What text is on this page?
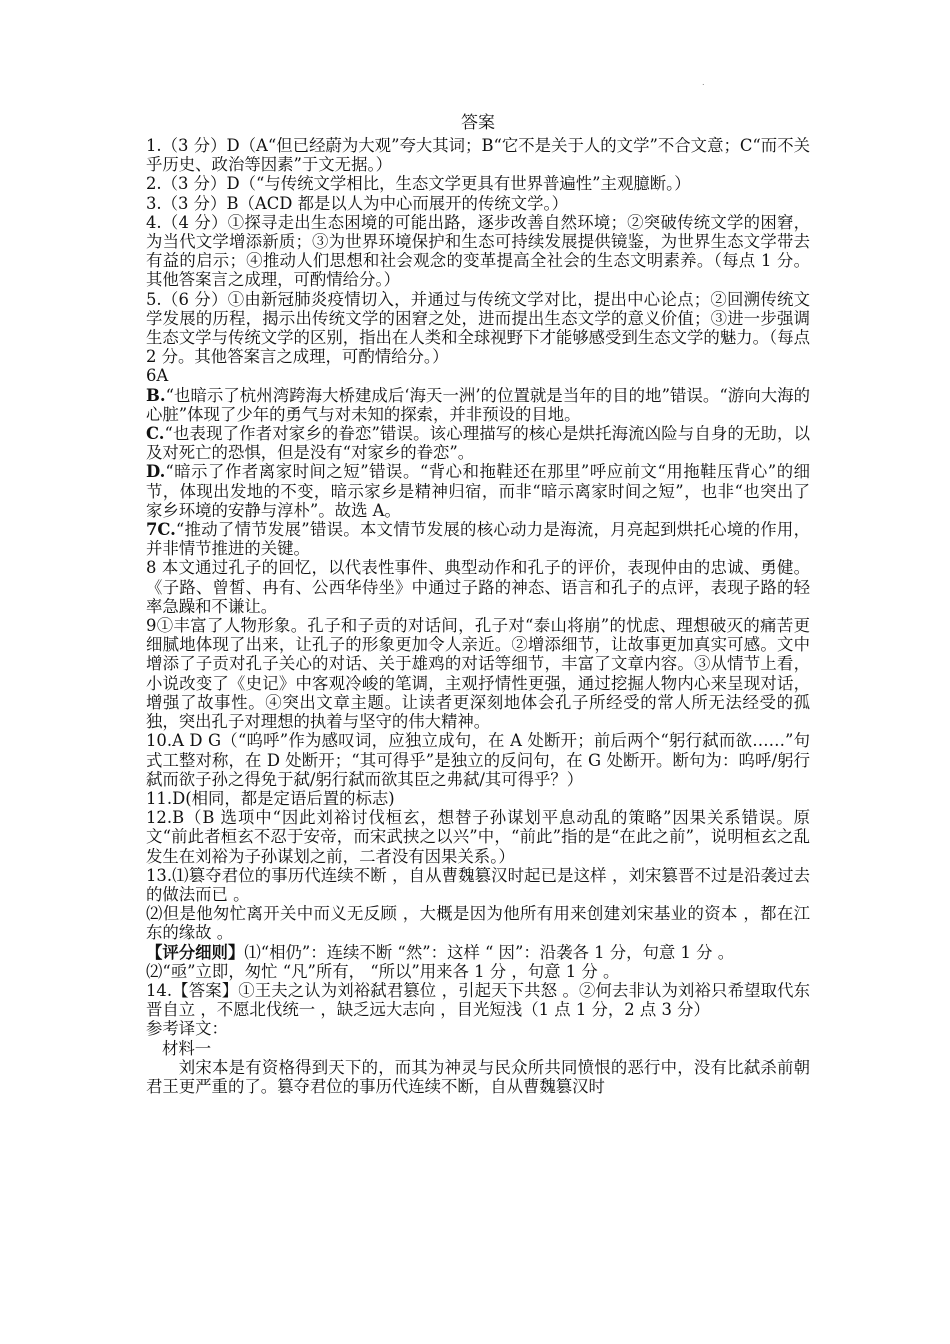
.
答案

1.（3 分）D（A“但已经蔚为大观”夸大其词；B“它不是关于人的文学”不合文意；C“而不关乎历史、政治等因素”于文无据。）

2.（3 分）D（“与传统文学相比，生态文学更具有世界普遍性”主观臆断。）

3.（3 分）B（ACD 都是以人为中心而展开的传统文学。）

4.（4 分）①探寻走出生态困境的可能出路，逐步改善自然环境；②突破传统文学的困窘，为当代文学增添新质；③为世界环境保护和生态可持续发展提供镜鉴，为世界生态文学带去有益的启示；④推动人们思想和社会观念的变革提高全社会的生态文明素养。（每点 1 分。其他答案言之成理，可酌情给分。）

5.（6 分）①由新冠肺炎疫情切入，并通过与传统文学对比，提出中心论点；②回溯传统文学发展的历程，揭示出传统文学的困窘之处，进而提出生态文学的意义价值；③进一步强调生态文学与传统文学的区别，指出在人类和全球视野下才能够感受到生态文学的魅力。（每点 2 分。其他答案言之成理，可酌情给分。）

6A

B.“也暗示了杭州湾跨海大桥建成后‘海天一洲’的位置就是当年的目的地”错误。“游向大海的心脏”体现了少年的勇气与对未知的探索，并非预设的目地。

C.“也表现了作者对家乡的眷恋”错误。该心理描写的核心是烘托海流凶险与自身的无助，以及对死亡的恐惧，但是没有“对家乡的眷恋”。

D.“暗示了作者离家时间之短”错误。“背心和拖鞋还在那里”呼应前文“用拖鞋压背心”的细节，体现出发地的不变，暗示家乡是精神归宿，而非“暗示离家时间之短”，也非“也突出了家乡环境的安静与淳朴”。故选 A。

7C.“推动了情节发展”错误。本文情节发展的核心动力是海流，月亮起到烘托心境的作用，并非情节推进的关键。

8 本文通过孔子的回忆，以代表性事件、典型动作和孔子的评价，表现仲由的忠诚、勇健。《子路、曾皙、冉有、公西华侍坐》中通过子路的神态、语言和孔子的点评，表现子路的轻率急躁和不谦让。

9①丰富了人物形象。孔子和子贡的对话间，孔子对“泰山将崩”的忧虑、理想破灭的痛苦更细腻地体现了出来，让孔子的形象更加令人亲近。②增添细节，让故事更加真实可感。文中增添了子贡对孔子关心的对话、关于雄鸡的对话等细节，丰富了文章内容。③从情节上看，小说改变了《史记》中客观冷峻的笔调，主观抒情性更强，通过挖掘人物内心来呈现对话，增强了故事性。④突出文章主题。让读者更深刻地体会孔子所经受的常人所无法经受的孤独，突出孔子对理想的执着与坚守的伟大精神。

10.A D G（“呜呼”作为感叹词，应独立成句，在 A 处断开；前后两个“躬行弑而欲……”句式工整对称，在 D 处断开；“其可得乎”是独立的反问句，在 G 处断开。断句为：呜呼/躬行弑而欲子孙之得免于弑/躬行弑而欲其臣之弗弑/其可得乎？）

11.D(相同，都是定语后置的标志)

12.B（B 选项中“因此刘裕讨伐桓玄，想替子孙谋划平息动乱的策略”因果关系错误。原文“前此者桓玄不忍于安帝，而宋武挟之以兴”中，“前此”指的是“在此之前”，说明桓玄之乱发生在刘裕为子孙谋划之前，二者没有因果关系。）

13.⑴篡夺君位的事历代连续不断 ，自从曹魏篡汉时起已是这样 ，刘宋篡晋不过是沿袭过去的做法而已 。

⑵但是他匆忙离开关中而义无反顾 ，大概是因为他所有用来创建刘宋基业的资本 ，都在江东的缘故 。

【评分细则】⑴“相仍”：连续不断 “然”：这样 “ 因”：沿袭各 1 分，句意 1 分 。

⑵“亟”立即，匆忙 “凡”所有， “所以”用来各 1 分 ，句意 1 分 。

14.【答案】①王夫之认为刘裕弑君篡位 ，引起天下共怒 。②何去非认为刘裕只希望取代东晋自立 ，不愿北伐统一 ，缺乏远大志向 ，目光短浅（1 点 1 分，2 点 3 分）

参考译文：

材料一

刘宋本是有资格得到天下的，而其为神灵与民众所共同愤恨的恶行中，没有比弑杀前朝君王更严重的了。篡夺君位的事历代连续不断，自从曹魏篡汉时
